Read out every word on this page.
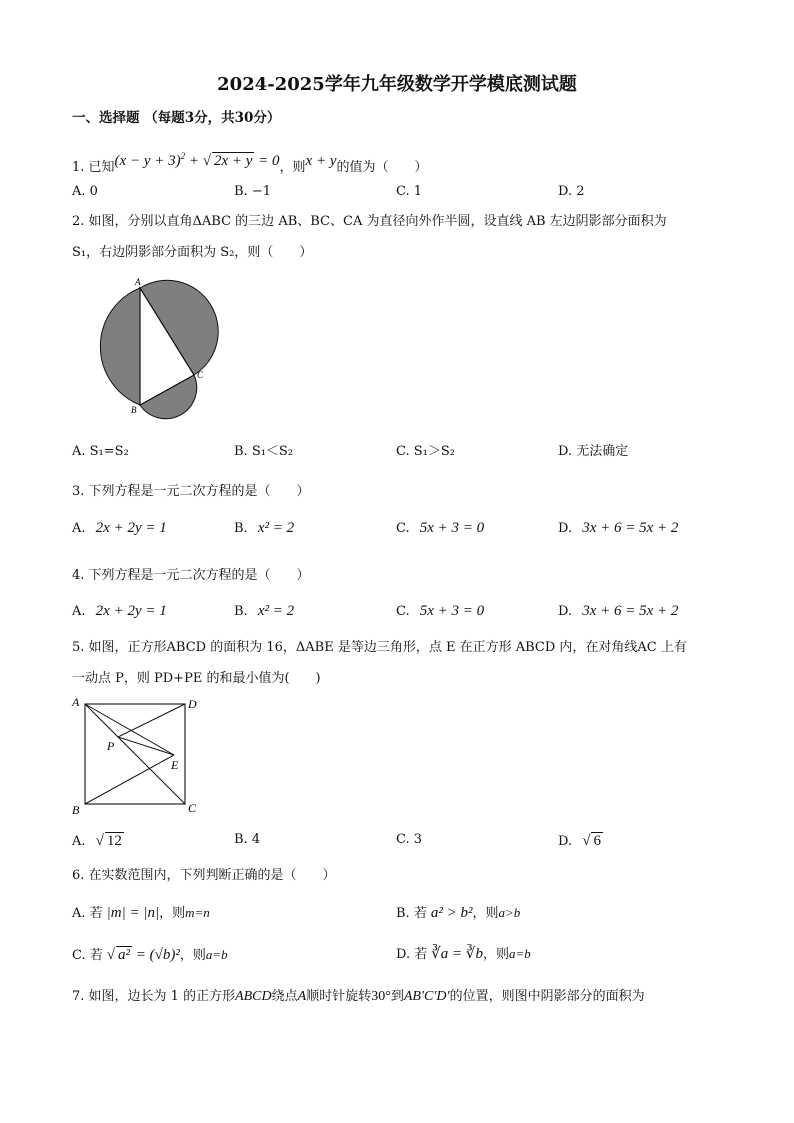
2024-2025学年九年级数学开学模底测试题
一、选择题 （每题3分，共30分）
1. 已知$(x - y + 3)^2$ + √ 2x + y = 0，则x + y的值为（　　）
A. 0	B. −1	C. 1	D. 2
2. 如图，分别以直角ΔABC 的三边 AB、BC、CA 为直径向外作半圆，设直线 AB 左边阴影部分面积为
S₁，右边阴影部分面积为 S₂，则（　　）
A
B
C
A. S₁=S₂	B. S₁＜S₂	C. S₁＞S₂	D. 无法确定
3. 下列方程是一元二次方程的是（　　）
A. 2x + 2y = 1	B. x² = 2	C. 5x + 3 = 0	D. 3x + 6 = 5x + 2
4. 下列方程是一元二次方程的是（　　）
A. 2x + 2y = 1	B. x² = 2	C. 5x + 3 = 0	D. 3x + 6 = 5x + 2
5. 如图，正方形ABCD 的面积为 16，ΔABE 是等边三角形，点 E 在正方形 ABCD 内，在对角线AC 上有
一动点 P，则 PD+PE 的和最小值为(　　)
A	D
B	C
P
E
A. √ 12	B. 4	C. 3	D. √ 6
6. 在实数范围内，下列判断正确的是（　　）
A. 若 |m| = |n|，则m=n	B. 若 a² > b²，则a>b
C. 若 √ a² = (√b)²，则a=b	D. 若 ∛a = ∛b，则a=b
7. 如图，边长为 1 的正方形ABCD绕点A顺时针旋转30°到AB′C′D′的位置，则图中阴影部分的面积为
